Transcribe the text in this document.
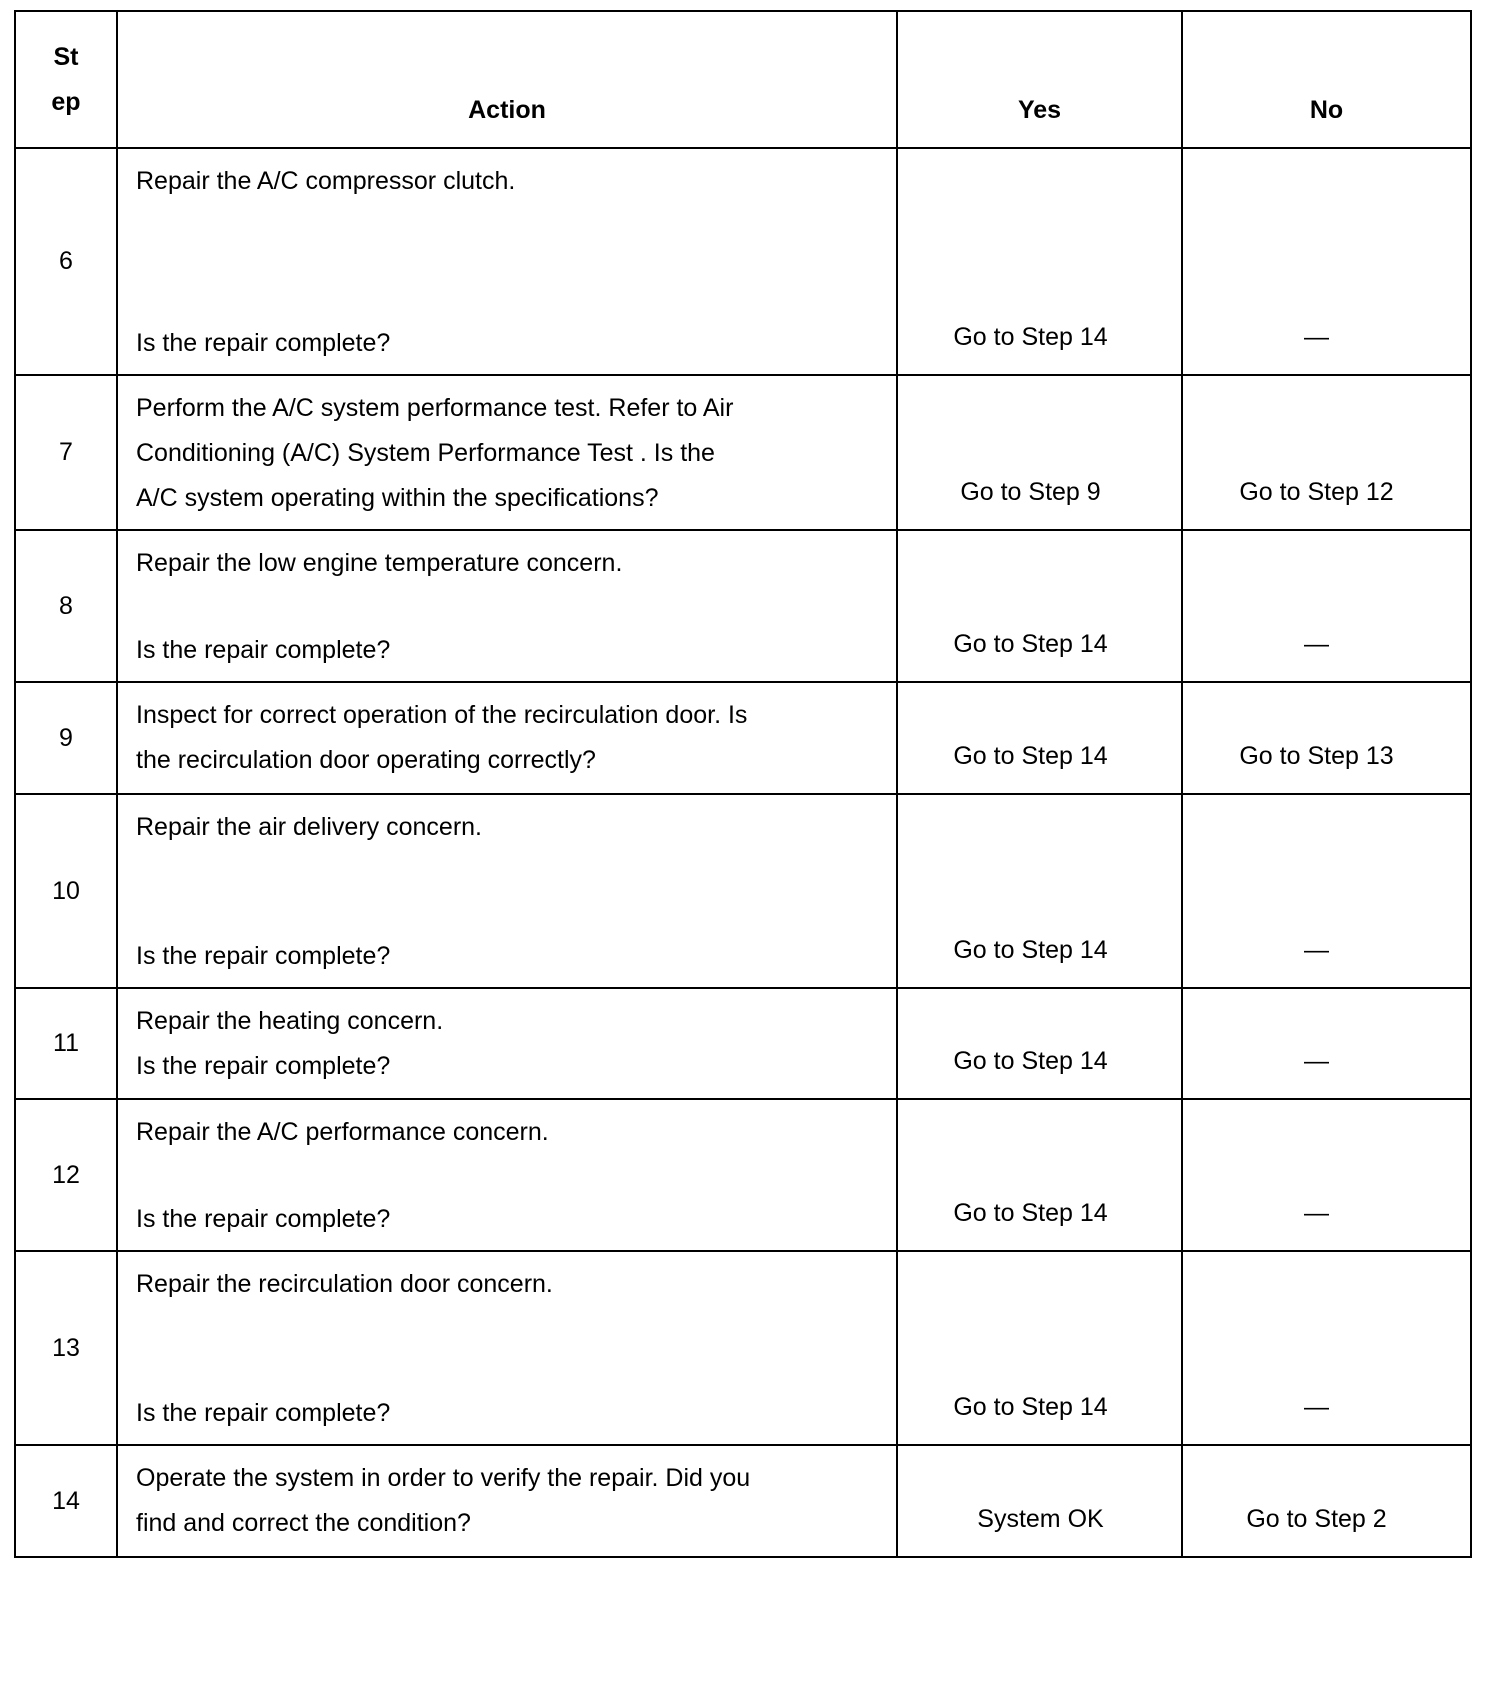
St
ep	Action	Yes	No
6	Repair the A/C compressor clutch.
Is the repair complete?	Go to Step 14	—
7	Perform the A/C system performance test. Refer to Air
Conditioning (A/C) System Performance Test . Is the
A/C system operating within the specifications?	Go to Step 9	Go to Step 12
8	Repair the low engine temperature concern.
Is the repair complete?	Go to Step 14	—
9	Inspect for correct operation of the recirculation door. Is
the recirculation door operating correctly?	Go to Step 14	Go to Step 13
10	Repair the air delivery concern.
Is the repair complete?	Go to Step 14	—
11	Repair the heating concern.
Is the repair complete?	Go to Step 14	—
12	Repair the A/C performance concern.
Is the repair complete?	Go to Step 14	—
13	Repair the recirculation door concern.
Is the repair complete?	Go to Step 14	—
14	Operate the system in order to verify the repair. Did you
find and correct the condition?	System OK	Go to Step 2
